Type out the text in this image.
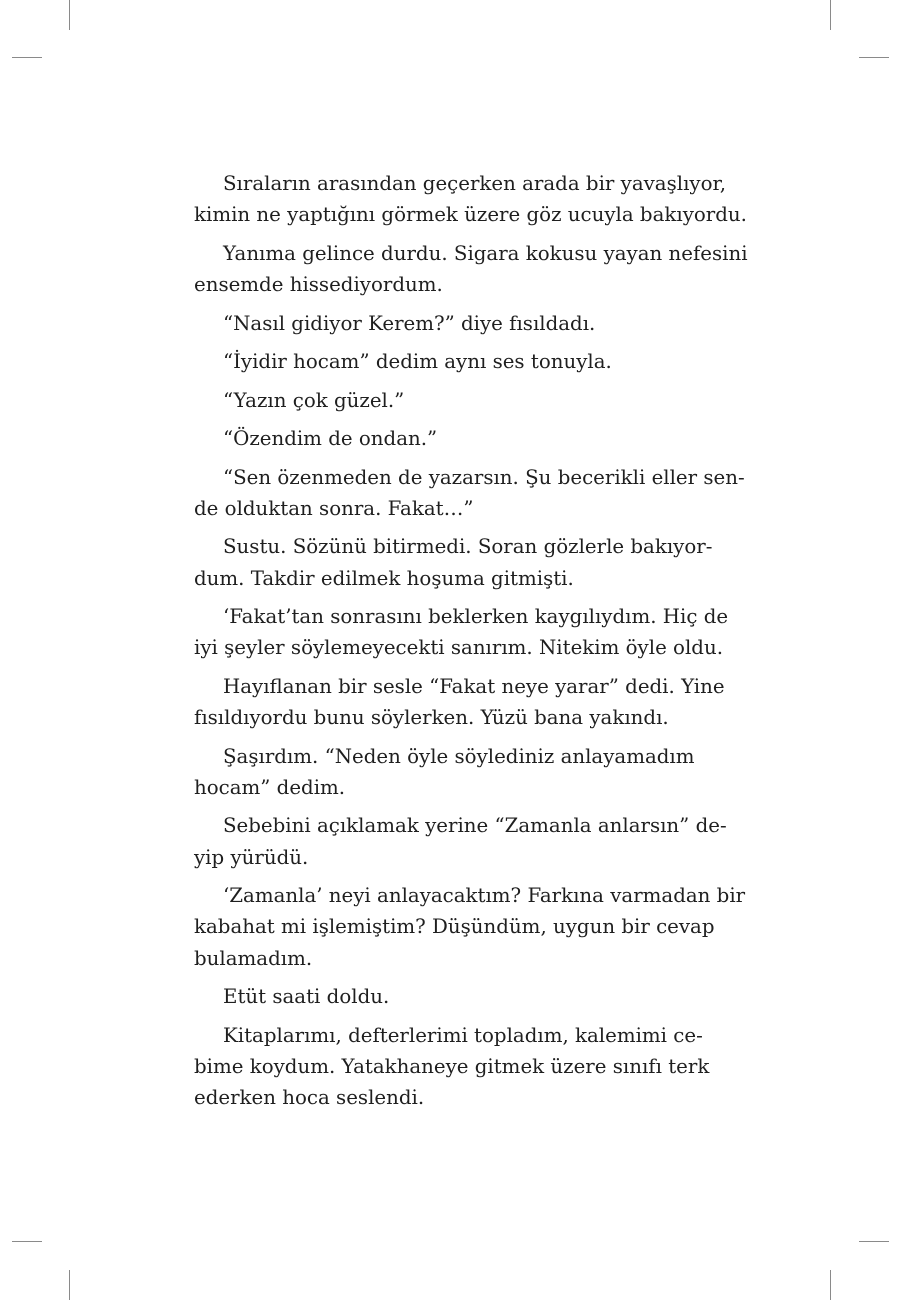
Sıraların arasından geçerken arada bir yavaşlıyor,
kimin ne yaptığını görmek üzere göz ucuyla bakıyordu.

Yanıma gelince durdu. Sigara kokusu yayan nefesini
ensemde hissediyordum.

“Nasıl gidiyor Kerem?” diye fısıldadı.

“İyidir hocam” dedim aynı ses tonuyla.

“Yazın çok güzel.”

“Özendim de ondan.”

“Sen özenmeden de yazarsın. Şu becerikli eller sen-
de olduktan sonra. Fakat…”

Sustu. Sözünü bitirmedi. Soran gözlerle bakıyor-
dum. Takdir edilmek hoşuma gitmişti.

‘Fakat’tan sonrasını beklerken kaygılıydım. Hiç de
iyi şeyler söylemeyecekti sanırım. Nitekim öyle oldu.

Hayıflanan bir sesle “Fakat neye yarar” dedi. Yine
fısıldıyordu bunu söylerken. Yüzü bana yakındı.

Şaşırdım. “Neden öyle söylediniz anlayamadım
hocam” dedim.

Sebebini açıklamak yerine “Zamanla anlarsın” de-
yip yürüdü.

‘Zamanla’ neyi anlayacaktım? Farkına varmadan bir
kabahat mi işlemiştim? Düşündüm, uygun bir cevap
bulamadım.

Etüt saati doldu.

Kitaplarımı, defterlerimi topladım, kalemimi ce-
bime koydum. Yatakhaneye gitmek üzere sınıfı terk
ederken hoca seslendi.
